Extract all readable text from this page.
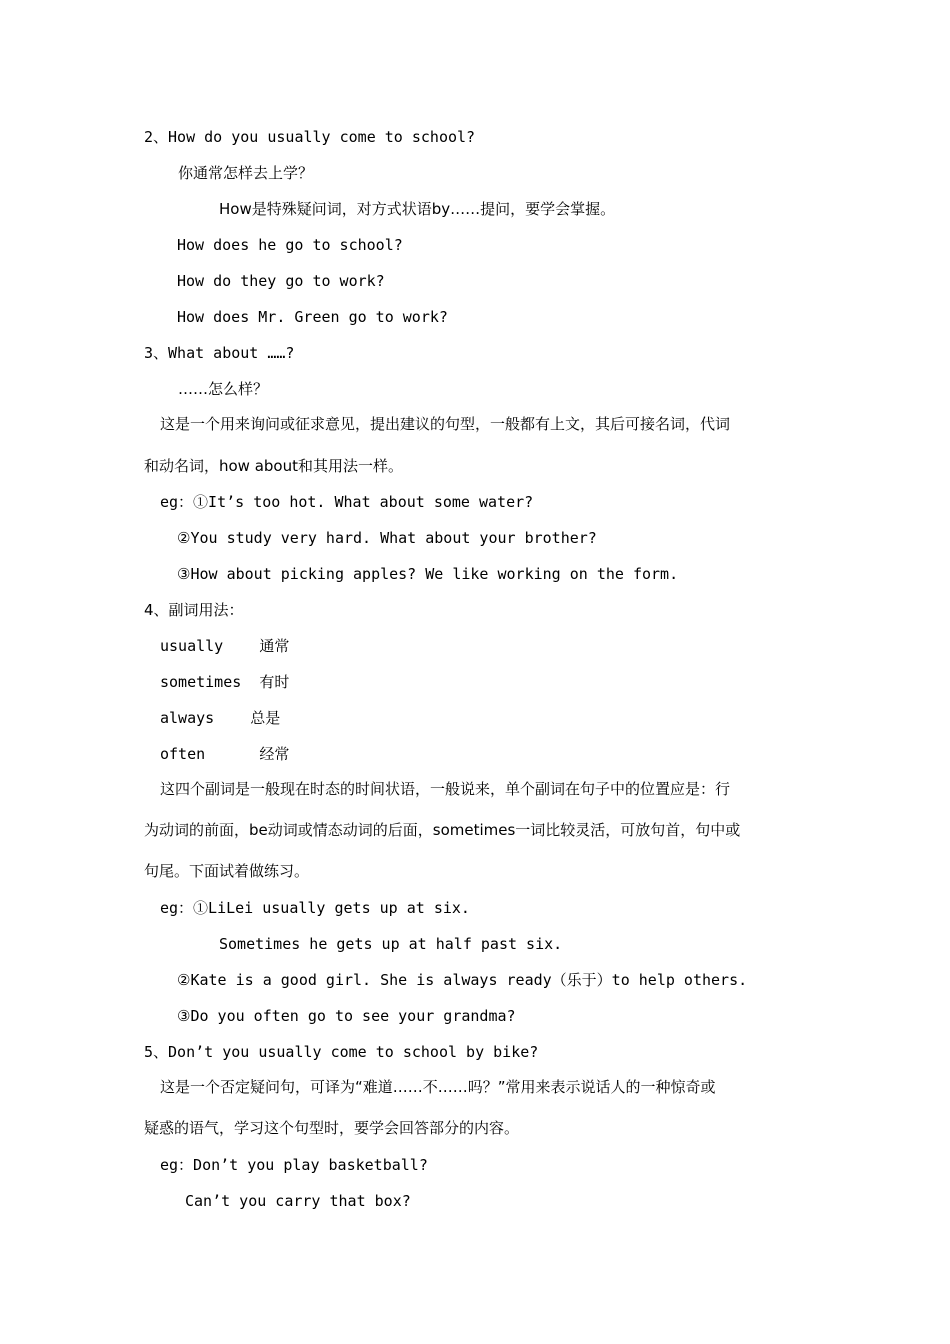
2、How do you usually come to school?
你通常怎样去上学？
How是特殊疑问词，对方式状语by……提问，要学会掌握。
How does he go to school?
How do they go to work?
How does Mr. Green go to work?
3、What about ……?
……怎么样？
这是一个用来询问或征求意见，提出建议的句型，一般都有上文，其后可接名词，代词
和动名词，how about和其用法一样。
eg：①It’s too hot. What about some water?
②You study very hard. What about your brother?
③How about picking apples? We like working on the form.
4、副词用法：
usually    通常
sometimes  有时
always    总是
often      经常
这四个副词是一般现在时态的时间状语，一般说来，单个副词在句子中的位置应是：行
为动词的前面，be动词或情态动词的后面，sometimes一词比较灵活，可放句首，句中或
句尾。下面试着做练习。
eg：①LiLei usually gets up at six.
Sometimes he gets up at half past six.
②Kate is a good girl. She is always ready（乐于）to help others.
③Do you often go to see your grandma?
5、Don’t you usually come to school by bike?
这是一个否定疑问句，可译为“难道……不……吗？”常用来表示说话人的一种惊奇或
疑惑的语气，学习这个句型时，要学会回答部分的内容。
eg：Don’t you play basketball?
Can’t you carry that box?
